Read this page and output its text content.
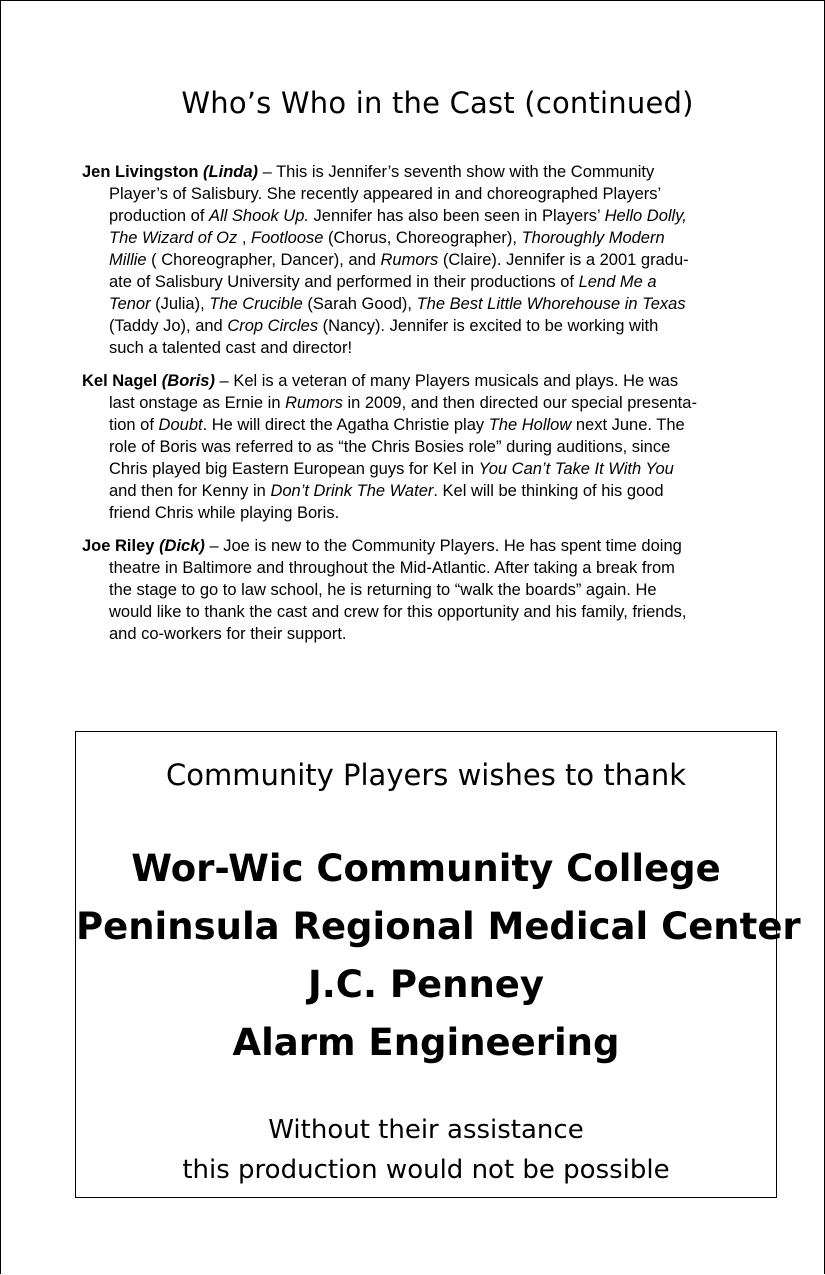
Who’s Who in the Cast (continued)
Jen Livingston (Linda) – This is Jennifer’s seventh show with the Community
Player’s of Salisbury. She recently appeared in and choreographed Players’
production of All Shook Up. Jennifer has also been seen in Players’ Hello Dolly,
The Wizard of Oz , Footloose (Chorus, Choreographer), Thoroughly Modern
Millie ( Choreographer, Dancer), and Rumors (Claire). Jennifer is a 2001 gradu-
ate of Salisbury University and performed in their productions of Lend Me a
Tenor (Julia), The Crucible (Sarah Good), The Best Little Whorehouse in Texas
(Taddy Jo), and Crop Circles (Nancy). Jennifer is excited to be working with
such a talented cast and director!
Kel Nagel (Boris) – Kel is a veteran of many Players musicals and plays. He was
last onstage as Ernie in Rumors in 2009, and then directed our special presenta-
tion of Doubt. He will direct the Agatha Christie play The Hollow next June. The
role of Boris was referred to as “the Chris Bosies role” during auditions, since
Chris played big Eastern European guys for Kel in You Can’t Take It With You
and then for Kenny in Don’t Drink The Water. Kel will be thinking of his good
friend Chris while playing Boris.
Joe Riley (Dick) – Joe is new to the Community Players. He has spent time doing
theatre in Baltimore and throughout the Mid-Atlantic. After taking a break from
the stage to go to law school, he is returning to “walk the boards” again. He
would like to thank the cast and crew for this opportunity and his family, friends,
and co-workers for their support.
Community Players wishes to thank
Wor-Wic Community College
Peninsula Regional Medical Center
J.C. Penney
Alarm Engineering
Without their assistance
this production would not be possible
